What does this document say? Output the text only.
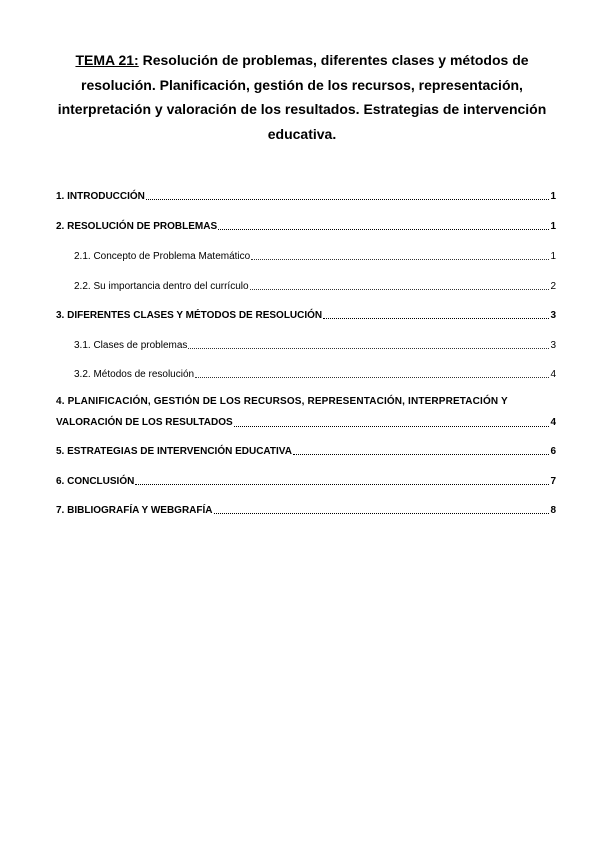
TEMA 21: Resolución de problemas, diferentes clases y métodos de resolución. Planificación, gestión de los recursos, representación, interpretación y valoración de los resultados. Estrategias de intervención educativa.
1. INTRODUCCIÓN	1
2. RESOLUCIÓN DE PROBLEMAS	1
2.1. Concepto de Problema Matemático	1
2.2. Su importancia dentro del currículo	2
3. DIFERENTES CLASES Y MÉTODOS DE RESOLUCIÓN	3
3.1. Clases de problemas	3
3.2. Métodos de resolución	4
4. PLANIFICACIÓN, GESTIÓN DE LOS RECURSOS, REPRESENTACIÓN, INTERPRETACIÓN Y
VALORACIÓN DE LOS RESULTADOS	4
5. ESTRATEGIAS DE INTERVENCIÓN EDUCATIVA	6
6. CONCLUSIÓN	7
7. BIBLIOGRAFÍA Y WEBGRAFÍA	8
